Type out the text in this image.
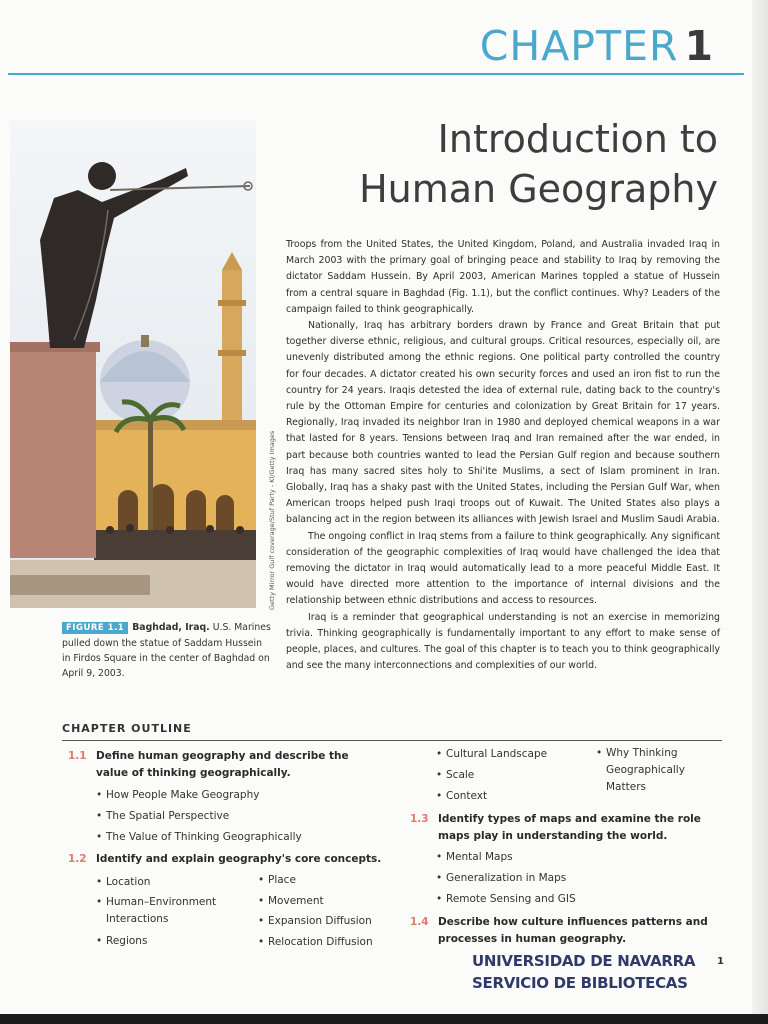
CHAPTER 1
Introduction to
Human Geography
Getty Mirror Gulf coverage/Stuf Party - Kl/Getty Images
FIGURE 1.1 Baghdad, Iraq. U.S. Marines pulled down the statue of Saddam Hussein in Firdos Square in the center of Baghdad on April 9, 2003.

Troops from the United States, the United Kingdom, Poland, and Australia invaded Iraq in March 2003 with the primary goal of bringing peace and stability to Iraq by removing the dictator Saddam Hussein. By April 2003, American Marines toppled a statue of Hussein from a central square in Baghdad (Fig. 1.1), but the conflict continues. Why? Leaders of the campaign failed to think geographically.

Nationally, Iraq has arbitrary borders drawn by France and Great Britain that put together diverse ethnic, religious, and cultural groups. Critical resources, especially oil, are unevenly distributed among the ethnic regions. One political party controlled the country for four decades. A dictator created his own security forces and used an iron fist to run the country for 24 years. Iraqis detested the idea of external rule, dating back to the country's rule by the Ottoman Empire for centuries and colonization by Great Britain for 17 years. Regionally, Iraq invaded its neighbor Iran in 1980 and deployed chemical weapons in a war that lasted for 8 years. Tensions between Iraq and Iran remained after the war ended, in part because both countries wanted to lead the Persian Gulf region and because southern Iraq has many sacred sites holy to Shi'ite Muslims, a sect of Islam prominent in Iran. Globally, Iraq has a shaky past with the United States, including the Persian Gulf War, when American troops helped push Iraqi troops out of Kuwait. The United States also plays a balancing act in the region between its alliances with Jewish Israel and Muslim Saudi Arabia.

The ongoing conflict in Iraq stems from a failure to think geographically. Any significant consideration of the geographic complexities of Iraq would have challenged the idea that removing the dictator in Iraq would automatically lead to a more peaceful Middle East. It would have directed more attention to the importance of internal divisions and the relationship between ethnic distributions and access to resources.

Iraq is a reminder that geographical understanding is not an exercise in memorizing trivia. Thinking geographically is fundamentally important to any effort to make sense of people, places, and cultures. The goal of this chapter is to teach you to think geographically and see the many interconnections and complexities of our world.

CHAPTER OUTLINE
1.1 Define human geography and describe the value of thinking geographically.
• How People Make Geography
• The Spatial Perspective
• The Value of Thinking Geographically
1.2 Identify and explain geography's core concepts.
• Location
• Human–Environment Interactions
• Regions
• Place
• Movement
• Expansion Diffusion
• Relocation Diffusion
• Cultural Landscape
• Scale
• Context
• Why Thinking Geographically Matters
1.3 Identify types of maps and examine the role maps play in understanding the world.
• Mental Maps
• Generalization in Maps
• Remote Sensing and GIS
1.4 Describe how culture influences patterns and processes in human geography.
UNIVERSIDAD DE NAVARRA
SERVICIO DE BIBLIOTECAS
1
